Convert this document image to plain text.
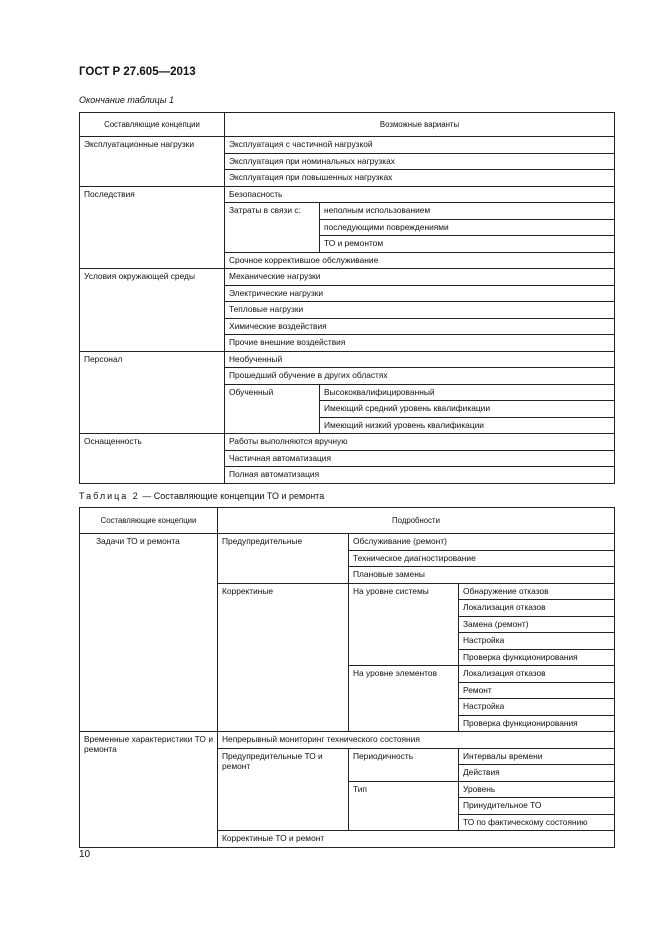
ГОСТ Р 27.605—2013
Окончание таблицы 1
Составляющие концепции	Возможные варианты	
Эксплуатационные нагрузки	Эксплуатация с частичной нагрузкой	
	Эксплуатация при номинальных нагрузках	
	Эксплуатация при повышенных нагрузках	
Последствия	Безопасность	
	Затраты в связи с:	неполным использованием
		последующими повреждениями
		ТО и ремонтом
	Срочное корректившое обслуживание	
Условия окружающей среды	Механические нагрузки	
	Электрические нагрузки	
	Тепловые нагрузки	
	Химические воздействия	
	Прочие внешние воздействия	
Персонал	Необученный	
	Прошедший обучение в других областях	
	Обученный	Высококвалифицированный
		Имеющий средний уровень квалификации
		Имеющий низкий уровень квалификации
Оснащенность	Работы выполняются вручную	
	Частичная автоматизация	
	Полная автоматизация	
Таблица 2 — Составляющие концепции ТО и ремонта
Составляющие концепции	Подробности		
Задачи ТО и ремонта	Предупредительные	Обслуживание (ремонт)	
		Техническое диагностирование	
		Плановые замены	
	Корректиные	На уровне системы	Обнаружение отказов
			Локализация отказов
			Замена (ремонт)
			Настройка
			Проверка функционирования
		На уровне элементов	Локализация отказов
			Ремонт
			Настройка
			Проверка функционирования
Временные характеристики ТО и ремонта	Непрерывный мониторинг технического состояния		
	Предупредительные ТО и ремонт	Периодичность	Интервалы времени
			Действия
		Тип	Уровень
			Принудительное ТО
			ТО по фактическому состоянию
	Корректиные ТО и ремонт		
10
